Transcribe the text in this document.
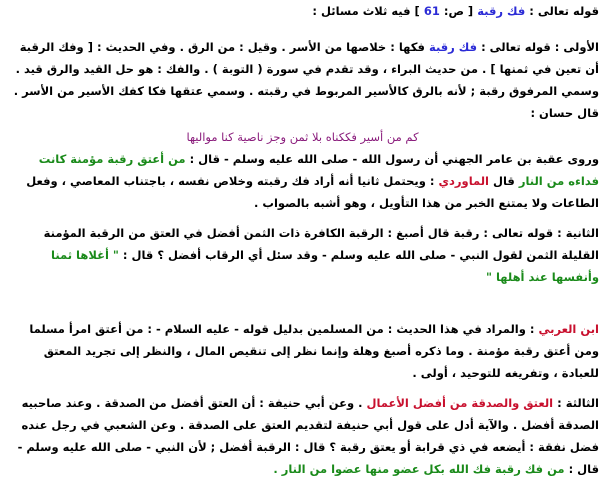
قوله تعالى : فك رقبة [ ص: 61 ] فيه ثلاث مسائل :

الأولى : قوله تعالى : فك رقبة فكها : خلاصها من الأسر . وقيل : من الرق . وفي الحديث : [ وفك الرقبة أن تعين في ثمنها ] . من حديث البراء ، وقد تقدم في سورة ( التوبة ) . والفك : هو حل القيد والرق قيد . وسمي المرفوق رقبة ; لأنه بالرق كالأسير المربوط في رقبته . وسمي عتقها فكا كفك الأسير من الأسر . قال حسان :

كم من أسير فككناه بلا ثمن وجز ناصية كنا مواليها

وروى عقبة بن عامر الجهني أن رسول الله - صلى الله عليه وسلم - قال : من أعتق رقبة مؤمنة كانت فداءه من النار قال الماوردي : ويحتمل ثانيا أنه أراد فك رقبته وخلاص نفسه ، باجتناب المعاصي ، وفعل الطاعات ولا يمتنع الخبر من هذا التأويل ، وهو أشبه بالصواب .

الثانية : قوله تعالى : رقبة قال أصبغ : الرقبة الكافرة ذات الثمن أفضل في العتق من الرقبة المؤمنة القليلة الثمن لقول النبي - صلى الله عليه وسلم - وقد سئل أي الرقاب أفضل ؟ قال : " أغلاها ثمنا وأنفسها عند أهلها "

ابن العربي : والمراد في هذا الحديث : من المسلمين بدليل قوله - عليه السلام - : من أعتق امرأ مسلما ومن أعتق رقبة مؤمنة . وما ذكره أصبغ وهلة وإنما نظر إلى تنقيص المال ، والنظر إلى تجريد المعتق للعبادة ، وتفريغه للتوحيد ، أولى .

الثالثة : العتق والصدقة من أفضل الأعمال . وعن أبي حنيفة : أن العتق أفضل من الصدقة . وعند صاحبيه الصدقة أفضل . والآية أدل على قول أبي حنيفة لتقديم العتق على الصدقة . وعن الشعبي في رجل عنده فضل نفقة : أيضعه في ذي قرابة أو يعتق رقبة ؟ قال : الرقبة أفضل ; لأن النبي - صلى الله عليه وسلم - قال : من فك رقبة فك الله بكل عضو منها عضوا من النار .
